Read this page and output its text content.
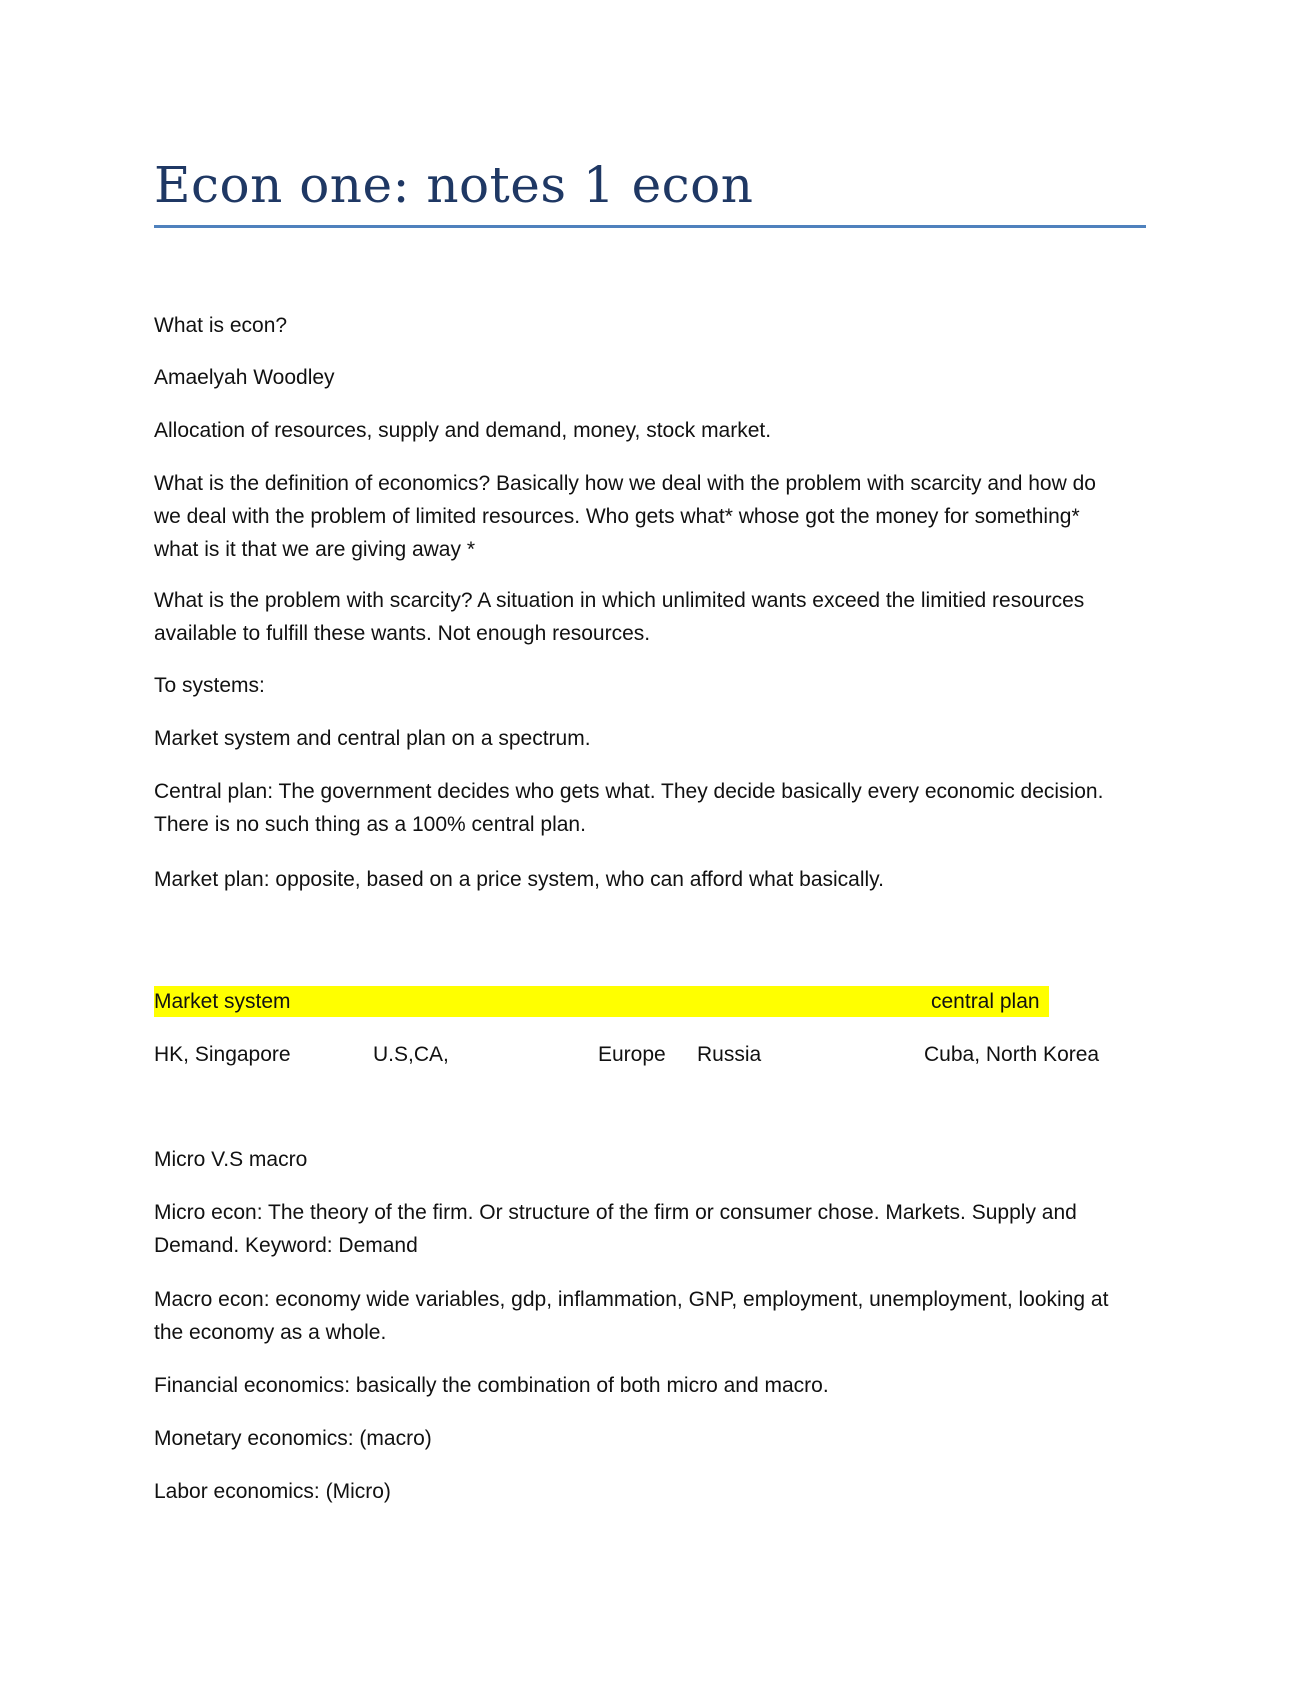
Econ one: notes 1 econ

What is econ?

Amaelyah Woodley

Allocation of resources, supply and demand, money, stock market.

What is the definition of economics? Basically how we deal with the problem with scarcity and how do
we deal with the problem of limited resources. Who gets what* whose got the money for something*
what is it that we are giving away *

What is the problem with scarcity? A situation in which unlimited wants exceed the limitied resources
available to fulfill these wants. Not enough resources.

To systems:

Market system and central plan on a spectrum.

Central plan: The government decides who gets what. They decide basically every economic decision.
There is no such thing as a 100% central plan.

Market plan: opposite, based on a price system, who can afford what basically.

Market system	central plan
HK, Singapore	U.S,CA,	Europe Russia	Cuba, North Korea

Micro V.S macro

Micro econ: The theory of the firm. Or structure of the firm or consumer chose. Markets. Supply and
Demand. Keyword: Demand

Macro econ: economy wide variables, gdp, inflammation, GNP, employment, unemployment, looking at
the economy as a whole.

Financial economics: basically the combination of both micro and macro.

Monetary economics: (macro)

Labor economics: (Micro)
